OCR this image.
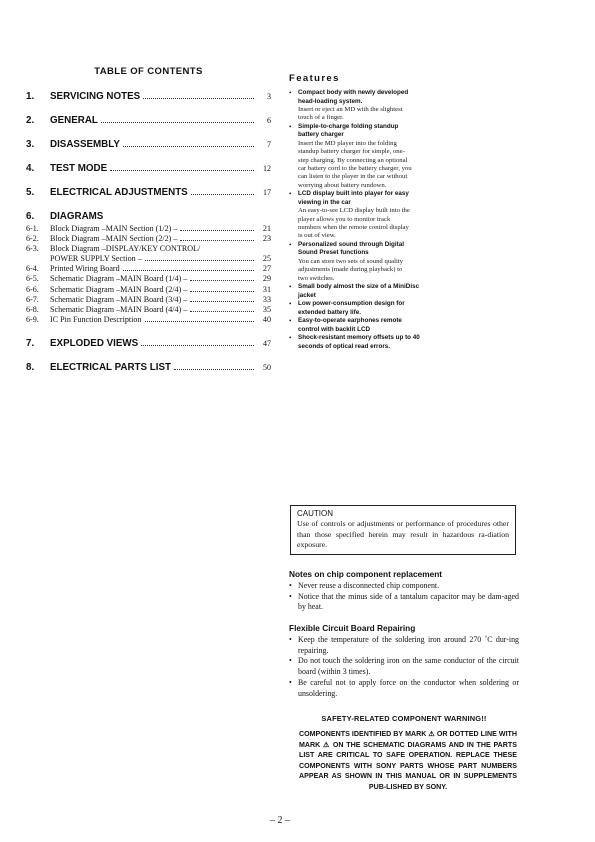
TABLE OF CONTENTS
1.	SERVICING NOTES	3
2.	GENERAL	6
3.	DISASSEMBLY	7
4.	TEST MODE	12
5.	ELECTRICAL ADJUSTMENTS	17
6.	DIAGRAMS
6-1.	Block Diagram –MAIN Section (1/2) –	21
6-2.	Block Diagram –MAIN Section (2/2) –	23
6-3.	Block Diagram –DISPLAY/KEY CONTROL/
POWER SUPPLY Section –	25
6-4.	Printed Wiring Board	27
6-5.	Schematic Diagram –MAIN Board (1/4) –	29
6-6.	Schematic Diagram –MAIN Board (2/4) –	31
6-7.	Schematic Diagram –MAIN Board (3/4) –	33
6-8.	Schematic Diagram –MAIN Board (4/4) –	35
6-9.	IC Pin Function Description	40
7.	EXPLODED VIEWS	47
8.	ELECTRICAL PARTS LIST	50
Features
•	Compact body with newly developed
head-loading system.
Insert or eject an MD with the slightest
touch of a finger.
•	Simple-to-charge folding standup
battery charger
Insert the MD player into the folding
standup battery charger for simple, one-
step charging. By connecting an optional
car battery cord to the battery charger, you
can listen to the player in the car without
worrying about battery rundown.
•	LCD display built into player for easy
viewing in the car
An easy-to-see LCD display built into the
player allows you to monitor track
numbers when the remote control display
is out of view.
•	Personalized sound through Digital
Sound Preset functions
You can store two sets of sound quality
adjustments (made during playback) to
two switches.
•	Small body almost the size of a MiniDisc
jacket
•	Low power-consumption design for
extended battery life.
•	Easy-to-operate earphones remote
control with backlit LCD
•	Shock-resistant memory offsets up to 40
seconds of optical read errors.
CAUTION
Use of controls or adjustments or performance of procedures other than those specified herein may result in hazardous ra-diation exposure.
Notes on chip component replacement
• Never reuse a disconnected chip component.
• Notice that the minus side of a tantalum capacitor may be dam-aged by heat.
Flexible Circuit Board Repairing
• Keep the temperature of the soldering iron around 270 ˚C dur-ing repairing.
• Do not touch the soldering iron on the same conductor of the circuit board (within 3 times).
• Be careful not to apply force on the conductor when soldering or unsoldering.
SAFETY-RELATED COMPONENT WARNING!!
COMPONENTS IDENTIFIED BY MARK ⚠ OR DOTTED LINE WITH MARK ⚠ ON THE SCHEMATIC DIAGRAMS AND IN THE PARTS LIST ARE CRITICAL TO SAFE OPERATION. REPLACE THESE COMPONENTS WITH SONY PARTS WHOSE PART NUMBERS APPEAR AS SHOWN IN THIS MANUAL OR IN SUPPLEMENTS PUB-LISHED BY SONY.
– 2 –
